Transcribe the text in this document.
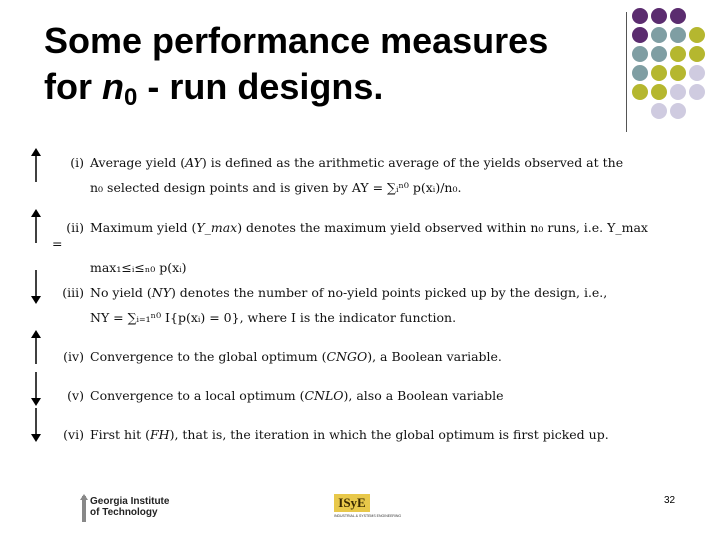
Some performance measures
for $n_0$ - run designs.
(i) Average yield (AY) is defined as the arithmetic average of the yields observed at the
n₀ selected design points and is given by AY = ∑ᵢⁿ⁰ p(xᵢ)/n₀.
(ii) Maximum yield (Y_max) denotes the maximum yield observed within n₀ runs, i.e. Y_max =
max₁≤ᵢ≤ₙ₀ p(xᵢ)
(iii) No yield (NY) denotes the number of no-yield points picked up by the design, i.e.,
NY = ∑ᵢ₌₁ⁿ⁰ I{p(xᵢ) = 0}, where I is the indicator function.
(iv) Convergence to the global optimum (CNGO), a Boolean variable.
(v) Convergence to a local optimum (CNLO), also a Boolean variable
(vi) First hit (FH), that is, the iteration in which the global optimum is first picked up.
Georgia Institute
of Technology
ISyE
INDUSTRIAL & SYSTEMS ENGINEERING
32
